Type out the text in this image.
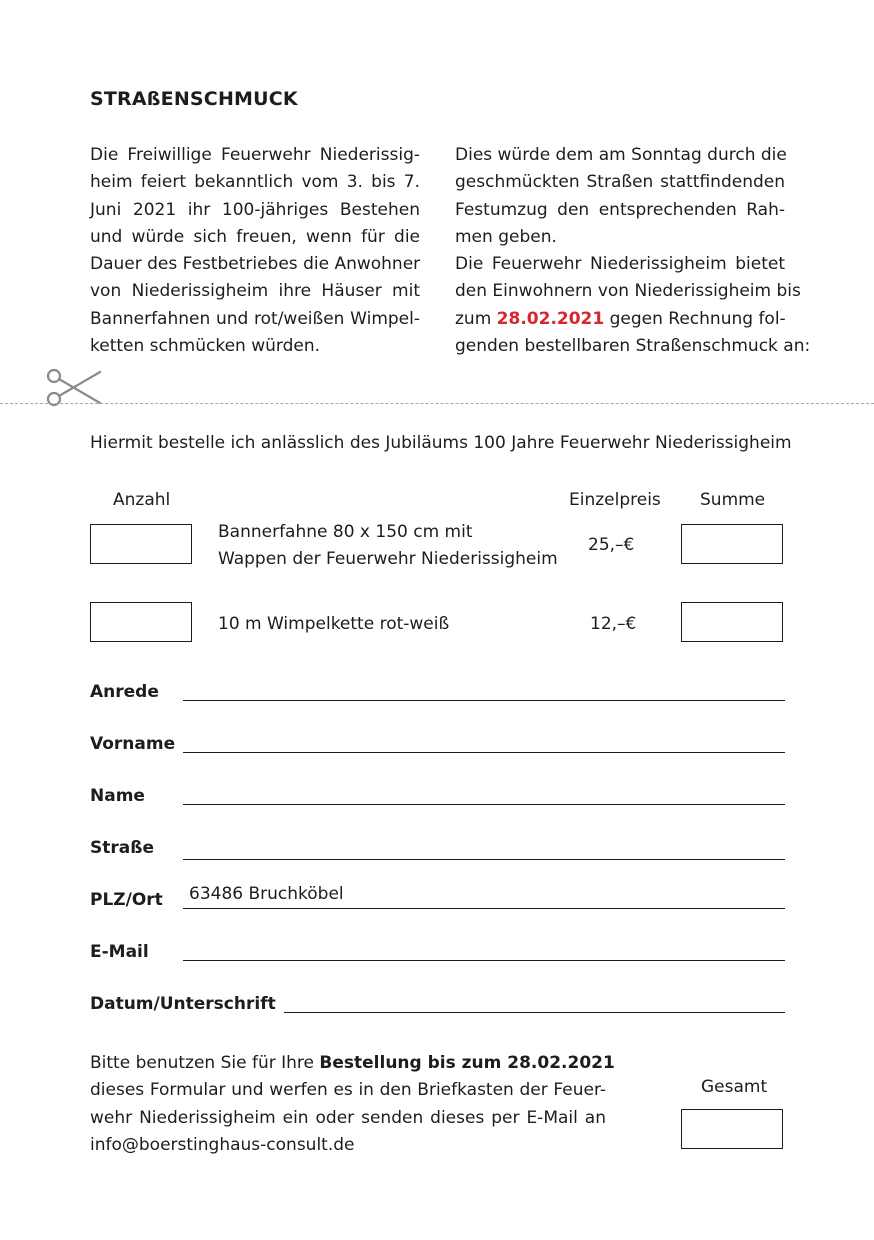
STRAßENSCHMUCK
Die Freiwillige Feuerwehr Niederissig-
heim feiert bekanntlich vom 3. bis 7.
Juni 2021 ihr 100-jähriges Bestehen
und würde sich freuen, wenn für die
Dauer des Festbetriebes die Anwohner
von Niederissigheim ihre Häuser mit
Bannerfahnen und rot/weißen Wimpel-
ketten schmücken würden.
Dies würde dem am Sonntag durch die
geschmückten Straßen stattfindenden
Festumzug den entsprechenden Rah-
men geben.
Die Feuerwehr Niederissigheim bietet
den Einwohnern von Niederissigheim bis
zum 28.02.2021 gegen Rechnung fol-
genden bestellbaren Straßenschmuck an:
Hiermit bestelle ich anlässlich des Jubiläums 100 Jahre Feuerwehr Niederissigheim
Anzahl	Einzelpreis Summe
Bannerfahne 80 x 150 cm mit
Wappen der Feuerwehr Niederissigheim
25,–€
10 m Wimpelkette rot-weiß	12,–€
Anrede
Vorname
Name
Straße
PLZ/Ort 63486 Bruchköbel
E-Mail
Datum/Unterschrift
Bitte benutzen Sie für Ihre Bestellung bis zum 28.02.2021
dieses Formular und werfen es in den Briefkasten der Feuer-
wehr Niederissigheim ein oder senden dieses per E-Mail an
info@boerstinghaus-consult.de
Gesamt
